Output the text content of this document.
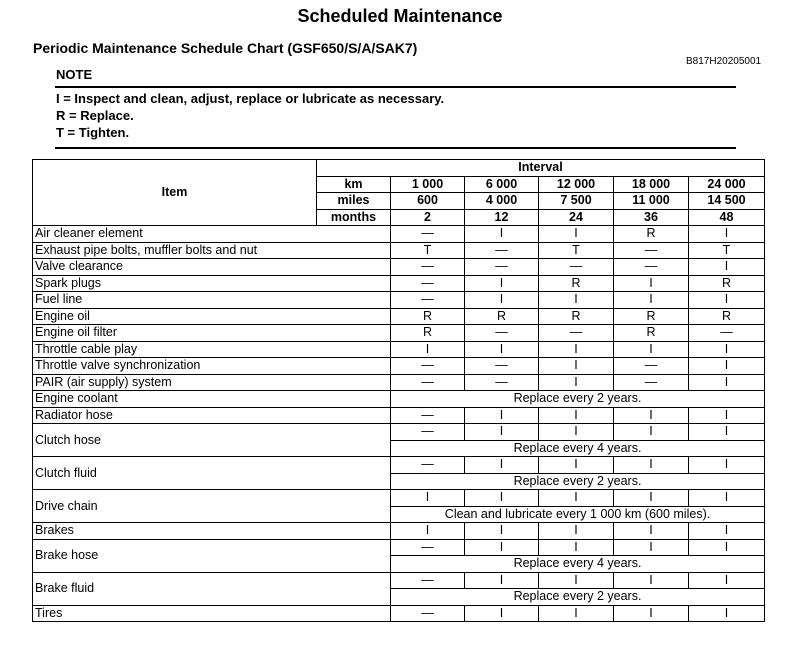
Scheduled Maintenance
Periodic Maintenance Schedule Chart (GSF650/S/A/SAK7)
B817H20205001
NOTE
I = Inspect and clean, adjust, replace or lubricate as necessary.
R = Replace.
T = Tighten.
Item	Interval					
	km	1 000	6 000	12 000	18 000	24 000
	miles	600	4 000	7 500	11 000	14 500
	months	2	12	24	36	48
Air cleaner element		—	I	I	R	I
Exhaust pipe bolts, muffler bolts and nut		T	—	T	—	T
Valve clearance		—	—	—	—	I
Spark plugs		—	I	R	I	R
Fuel line		—	I	I	I	I
Engine oil		R	R	R	R	R
Engine oil filter		R	—	—	R	—
Throttle cable play		I	I	I	I	I
Throttle valve synchronization		—	—	I	—	I
PAIR (air supply) system		—	—	I	—	I
Engine coolant		Replace every 2 years.				
Radiator hose		—	I	I	I	I
Clutch hose		—	I	I	I	I
		Replace every 4 years.				
Clutch fluid		—	I	I	I	I
		Replace every 2 years.				
Drive chain		I	I	I	I	I
		Clean and lubricate every 1 000 km (600 miles).				
Brakes		I	I	I	I	I
Brake hose		—	I	I	I	I
		Replace every 4 years.				
Brake fluid		—	I	I	I	I
		Replace every 2 years.				
Tires		—	I	I	I	I
